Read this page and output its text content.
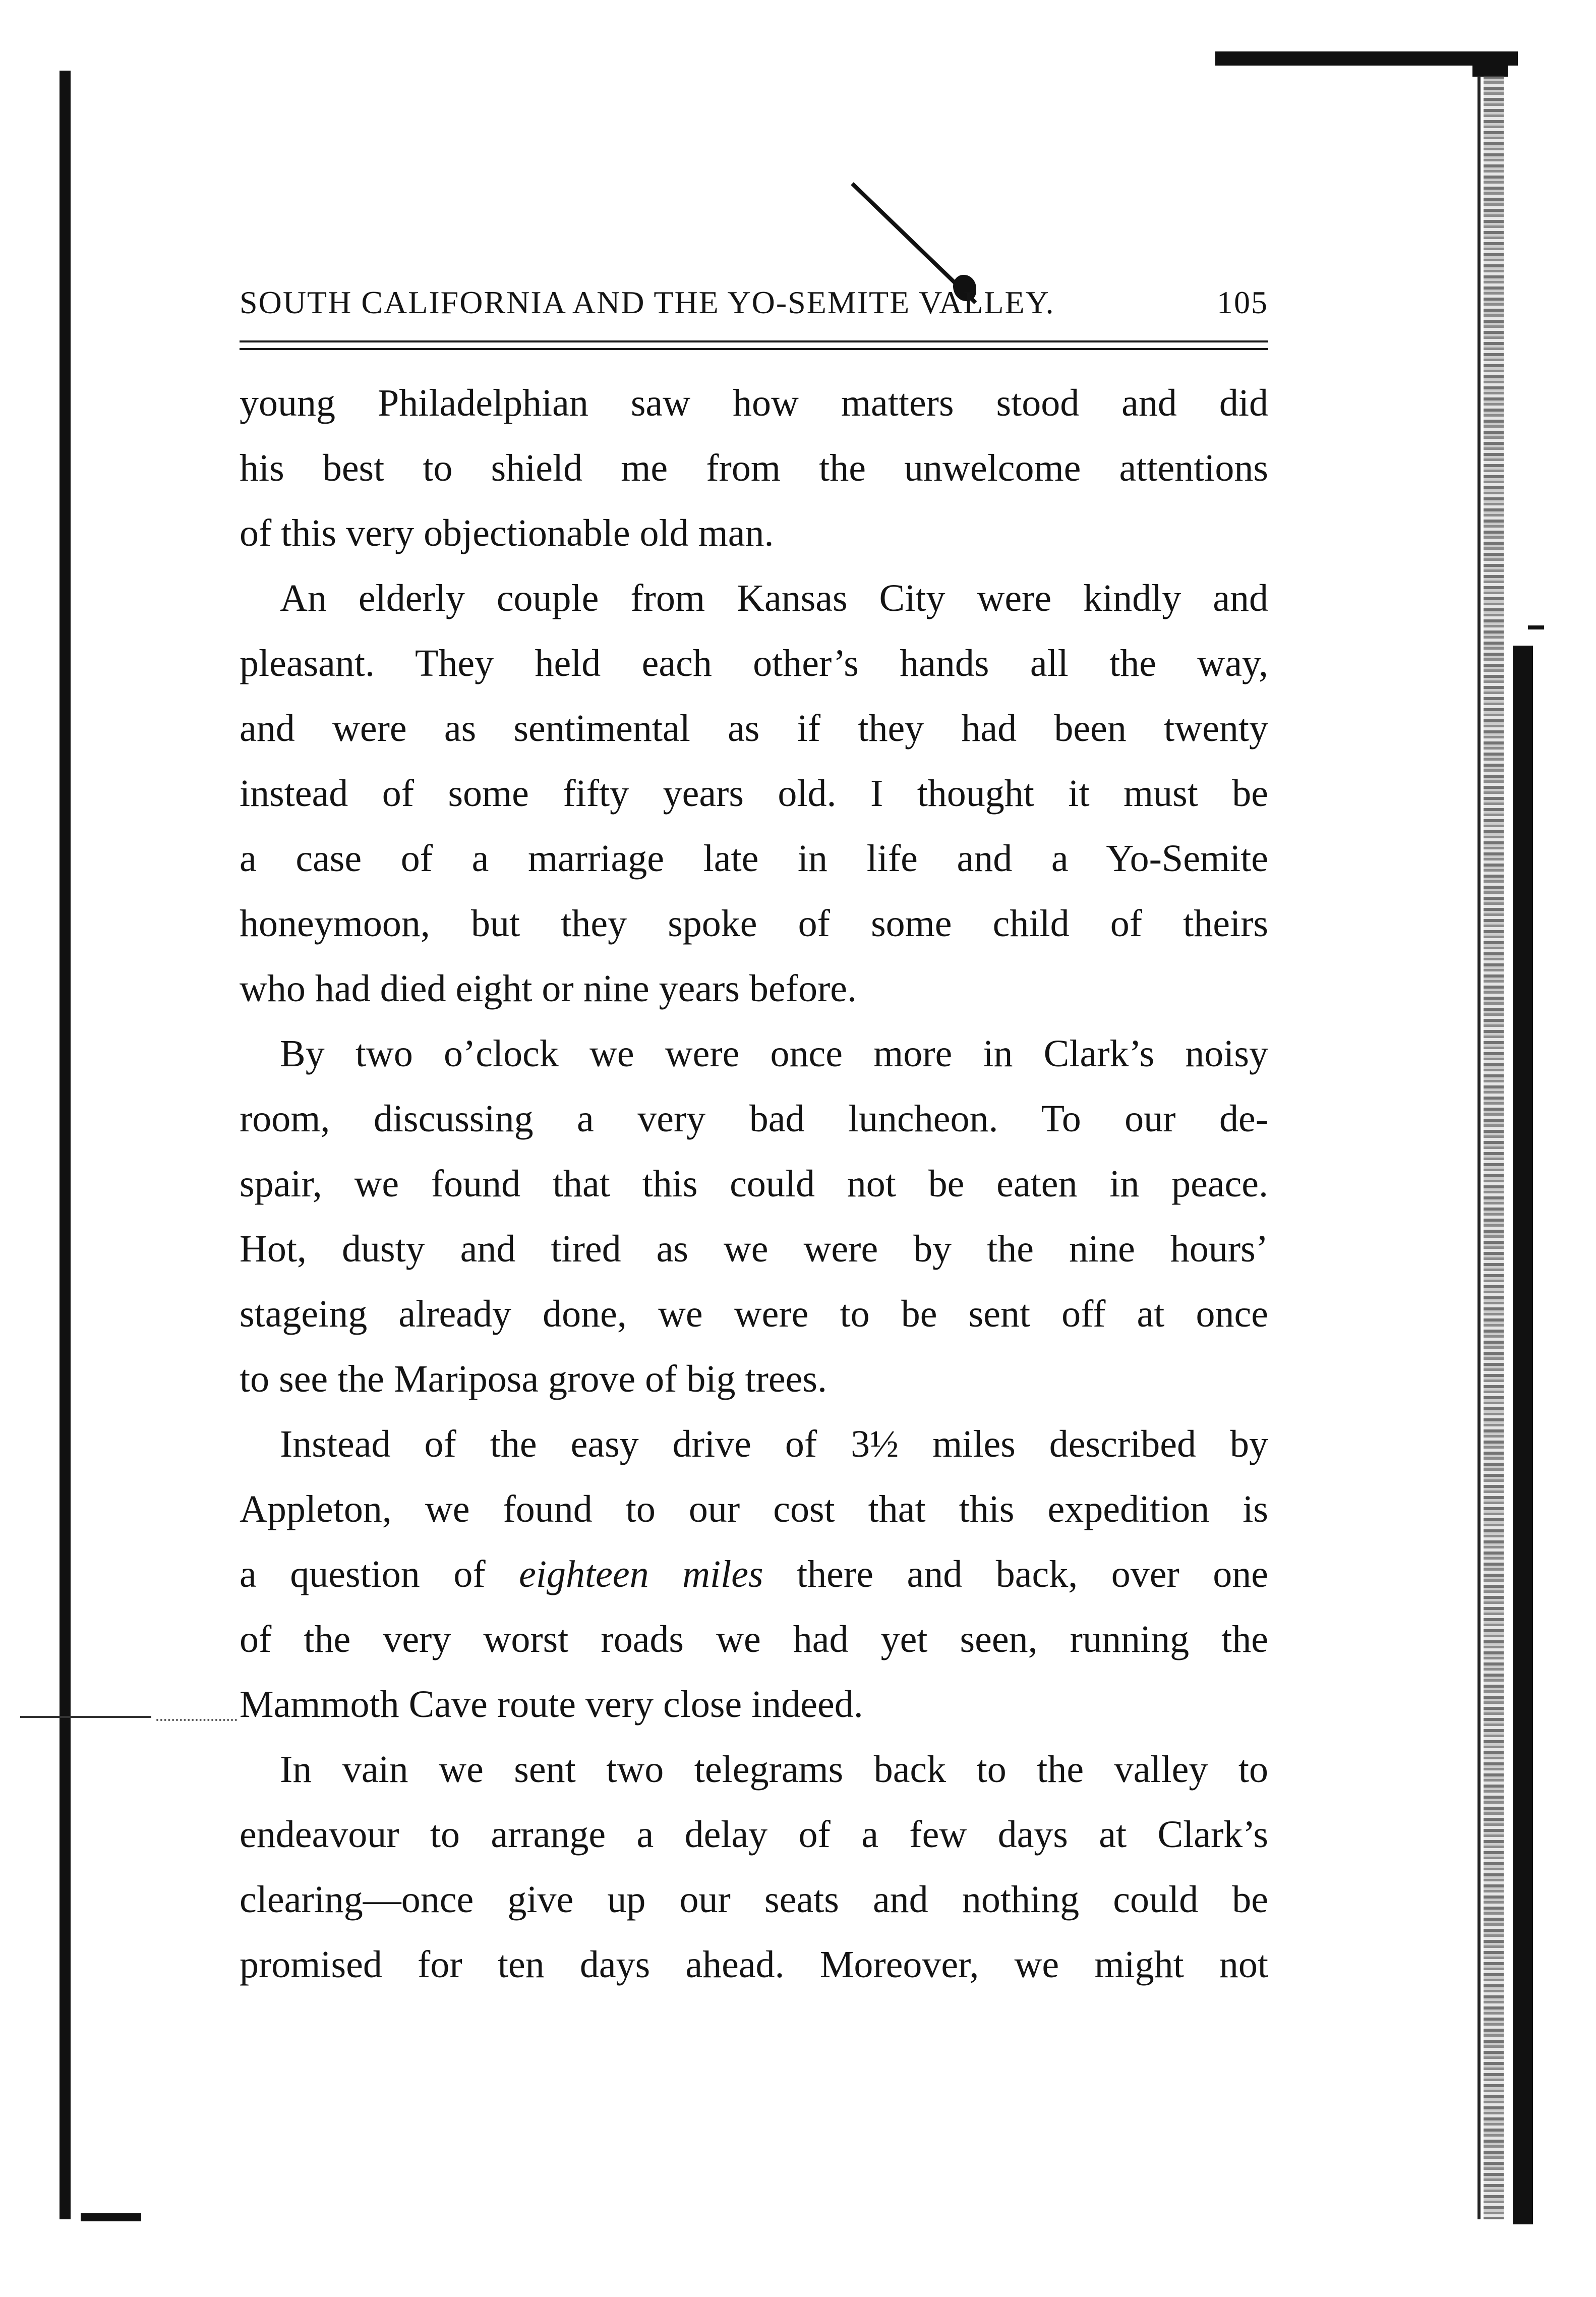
SOUTH CALIFORNIA AND THE YO-SEMITE VALLEY.	105
young Philadelphian saw how matters stood and did
his best to shield me from the unwelcome attentions
of this very objectionable old man.
An elderly couple from Kansas City were kindly and
pleasant. They held each other’s hands all the way,
and were as sentimental as if they had been twenty
instead of some fifty years old. I thought it must be
a case of a marriage late in life and a Yo-Semite
honeymoon, but they spoke of some child of theirs
who had died eight or nine years before.
By two o’clock we were once more in Clark’s noisy
room, discussing a very bad luncheon. To our de-
spair, we found that this could not be eaten in peace.
Hot, dusty and tired as we were by the nine hours’
stageing already done, we were to be sent off at once
to see the Mariposa grove of big trees.
Instead of the easy drive of 3½ miles described by
Appleton, we found to our cost that this expedition is
a question of eighteen miles there and back, over one
of the very worst roads we had yet seen, running the
Mammoth Cave route very close indeed.
In vain we sent two telegrams back to the valley to
endeavour to arrange a delay of a few days at Clark’s
clearing—once give up our seats and nothing could be
promised for ten days ahead. Moreover, we might not
